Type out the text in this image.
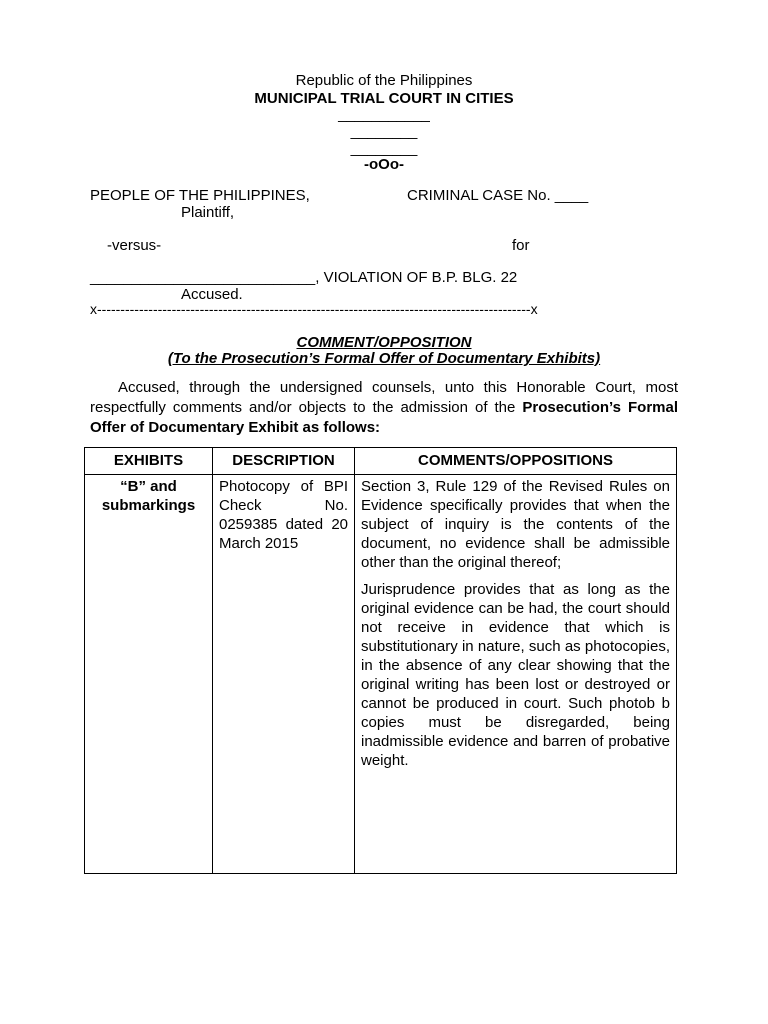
Republic of the Philippines
MUNICIPAL TRIAL COURT IN CITIES
___________
________
________
-oOo-
PEOPLE OF THE PHILIPPINES,
Plaintiff,
CRIMINAL CASE No. ____
-versus-	for
___________________________, VIOLATION OF B.P. BLG. 22
Accused.
x---------------------------------------------------------------------------------------------x
COMMENT/OPPOSITION
(To the Prosecution’s Formal Offer of Documentary Exhibits)
Accused, through the undersigned counsels, unto this Honorable Court, most respectfully comments and/or objects to the admission of the Prosecution’s Formal Offer of Documentary Exhibit as follows:
EXHIBITS	DESCRIPTION	COMMENTS/OPPOSITIONS
“B” and submarkings	Photocopy of BPI Check No. 0259385 dated 20 March 2015	Section 3, Rule 129 of the Revised Rules on Evidence specifically provides that when the subject of inquiry is the contents of the document, no evidence shall be admissible other than the original thereof;

Jurisprudence provides that as long as the original evidence can be had, the court should not receive in evidence that which is substitutionary in nature, such as photocopies, in the absence of any clear showing that the original writing has been lost or destroyed or cannot be produced in court. Such photob b copies must be disregarded, being inadmissible evidence and barren of probative weight.
